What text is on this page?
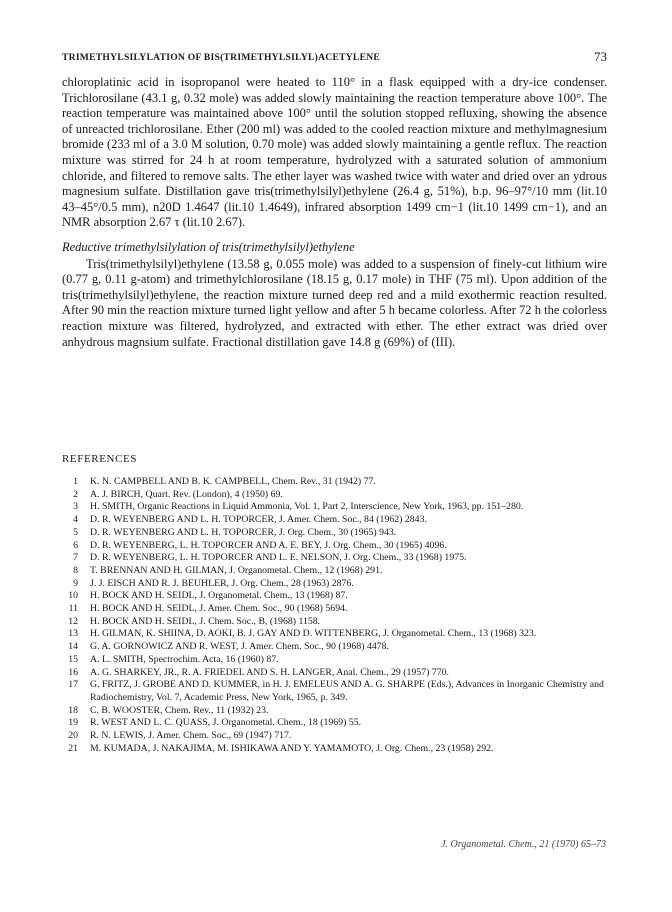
TRIMETHYLSILYLATION OF BIS(TRIMETHYLSILYL)ACETYLENE	73

chloroplatinic acid in isopropanol were heated to 110° in a flask equipped with a dry-ice condenser. Trichlorosilane (43.1 g, 0.32 mole) was added slowly maintaining the reaction temperature above 100°. The reaction temperature was maintained above 100° until the solution stopped refluxing, showing the absence of unreacted trichlorosilane. Ether (200 ml) was added to the cooled reaction mixture and methylmagnesium bromide (233 ml of a 3.0 M solution, 0.70 mole) was added slowly maintaining a gentle reflux. The reaction mixture was stirred for 24 h at room temperature, hydrolyzed with a saturated solution of ammonium chloride, and filtered to remove salts. The ether layer was washed twice with water and dried over an ydrous magnesium sulfate. Distillation gave tris(trimethylsilyl)ethylene (26.4 g, 51%), b.p. 96–97°/10 mm (lit.10 43–45°/0.5 mm), n20D 1.4647 (lit.10 1.4649), infrared absorption 1499 cm−1 (lit.10 1499 cm−1), and an NMR absorption 2.67 τ (lit.10 2.67).

Reductive trimethylsilylation of tris(trimethylsilyl)ethylene

Tris(trimethylsilyl)ethylene (13.58 g, 0.055 mole) was added to a suspension of finely-cut lithium wire (0.77 g, 0.11 g-atom) and trimethylchlorosilane (18.15 g, 0.17 mole) in THF (75 ml). Upon addition of the tris(trimethylsilyl)ethylene, the reaction mixture turned deep red and a mild exothermic reaction resulted. After 90 min the reaction mixture turned light yellow and after 5 h became colorless. After 72 h the colorless reaction mixture was filtered, hydrolyzed, and extracted with ether. The ether extract was dried over anhydrous magnsium sulfate. Fractional distillation gave 14.8 g (69%) of (III).

REFERENCES
1 K. N. CAMPBELL AND B. K. CAMPBELL, Chem. Rev., 31 (1942) 77.
2 A. J. BIRCH, Quart. Rev. (London), 4 (1950) 69.
3 H. SMITH, Organic Reactions in Liquid Ammonia, Vol. 1, Part 2, Interscience, New York, 1963, pp. 151–280.
4 D. R. WEYENBERG AND L. H. TOPORCER, J. Amer. Chem. Soc., 84 (1962) 2843.
5 D. R. WEYENBERG AND L. H. TOPORCER, J. Org. Chem., 30 (1965) 943.
6 D. R. WEYENBERG, L. H. TOPORCER AND A. E. BEY, J. Org. Chem., 30 (1965) 4096.
7 D. R. WEYENBERG, L. H. TOPORCER AND L. E. NELSON, J. Org. Chem., 33 (1968) 1975.
8 T. BRENNAN AND H. GILMAN, J. Organometal. Chem., 12 (1968) 291.
9 J. J. EISCH AND R. J. BEUHLER, J. Org. Chem., 28 (1963) 2876.
10 H. BOCK AND H. SEIDL, J. Organometal. Chem., 13 (1968) 87.
11 H. BOCK AND H. SEIDL, J. Amer. Chem. Soc., 90 (1968) 5694.
12 H. BOCK AND H. SEIDL, J. Chem. Soc., B, (1968) 1158.
13 H. GILMAN, K. SHIINA, D. AOKI, B. J. GAY AND D. WITTENBERG, J. Organometal. Chem., 13 (1968) 323.
14 G. A. GORNOWICZ AND R. WEST, J. Amer. Chem. Soc., 90 (1968) 4478.
15 A. L. SMITH, Spectrochim. Acta, 16 (1960) 87.
16 A. G. SHARKEY, JR., R. A. FRIEDEL AND S. H. LANGER, Anal. Chem., 29 (1957) 770.
17 G. FRITZ, J. GROBE AND D. KUMMER, in H. J. EMELEUS AND A. G. SHARPE (Eds.), Advances in Inorganic Chemistry and Radiochemistry, Vol. 7, Academic Press, New York, 1965, p. 349.
18 C. B. WOOSTER, Chem. Rev., 11 (1932) 23.
19 R. WEST AND L. C. QUASS, J. Organometal. Chem., 18 (1969) 55.
20 R. N. LEWIS, J. Amer. Chem. Soc., 69 (1947) 717.
21 M. KUMADA, J. NAKAJIMA, M. ISHIKAWA AND Y. YAMAMOTO, J. Org. Chem., 23 (1958) 292.
J. Organometal. Chem., 21 (1970) 65–73
